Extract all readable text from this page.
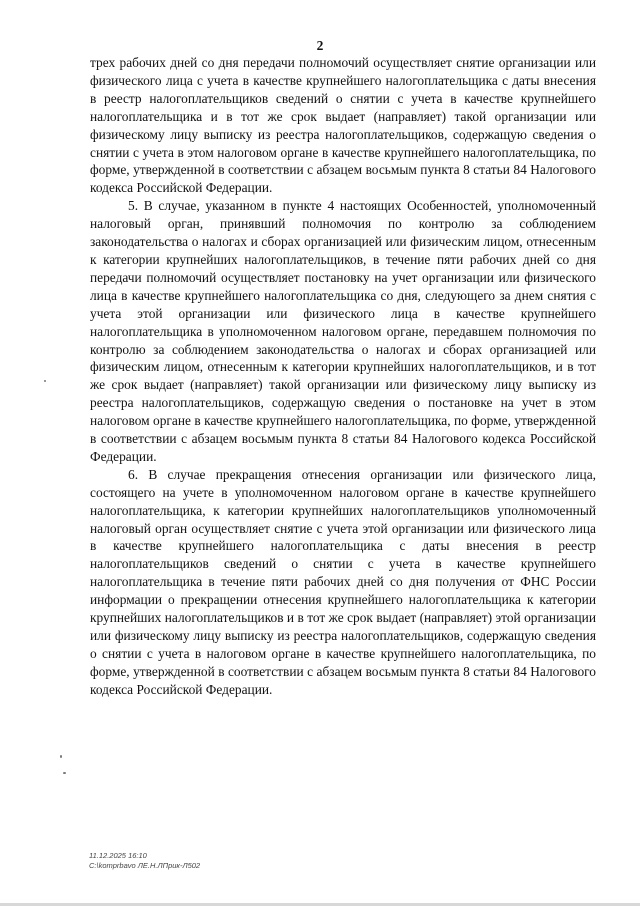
2

трех рабочих дней со дня передачи полномочий осуществляет снятие организации или физического лица с учета в качестве крупнейшего налогоплательщика с даты внесения в реестр налогоплательщиков сведений о снятии с учета в качестве крупнейшего налогоплательщика и в тот же срок выдает (направляет) такой организации или физическому лицу выписку из реестра налогоплательщиков, содержащую сведения о снятии с учета в этом налоговом органе в качестве крупнейшего налогоплательщика, по форме, утвержденной в соответствии с абзацем восьмым пункта 8 статьи 84 Налогового кодекса Российской Федерации.

5. В случае, указанном в пункте 4 настоящих Особенностей, уполномоченный налоговый орган, принявший полномочия по контролю за соблюдением законодательства о налогах и сборах организацией или физическим лицом, отнесенным к категории крупнейших налогоплательщиков, в течение пяти рабочих дней со дня передачи полномочий осуществляет постановку на учет организации или физического лица в качестве крупнейшего налогоплательщика со дня, следующего за днем снятия с учета этой организации или физического лица в качестве крупнейшего налогоплательщика в уполномоченном налоговом органе, передавшем полномочия по контролю за соблюдением законодательства о налогах и сборах организацией или физическим лицом, отнесенным к категории крупнейших налогоплательщиков, и в тот же срок выдает (направляет) такой организации или физическому лицу выписку из реестра налогоплательщиков, содержащую сведения о постановке на учет в этом налоговом органе в качестве крупнейшего налогоплательщика, по форме, утвержденной в соответствии с абзацем восьмым пункта 8 статьи 84 Налогового кодекса Российской Федерации.

6. В случае прекращения отнесения организации или физического лица, состоящего на учете в уполномоченном налоговом органе в качестве крупнейшего налогоплательщика, к категории крупнейших налогоплательщиков уполномоченный налоговый орган осуществляет снятие с учета этой организации или физического лица в качестве крупнейшего налогоплательщика с даты внесения в реестр налогоплательщиков сведений о снятии с учета в качестве крупнейшего налогоплательщика в течение пяти рабочих дней со дня получения от ФНС России информации о прекращении отнесения крупнейшего налогоплательщика к категории крупнейших налогоплательщиков и в тот же срок выдает (направляет) этой организации или физическому лицу выписку из реестра налогоплательщиков, содержащую сведения о снятии с учета в налоговом органе в качестве крупнейшего налогоплательщика, по форме, утвержденной в соответствии с абзацем восьмым пункта 8 статьи 84 Налогового кодекса Российской Федерации.

11.12.2025 16:10
C:\komprbavo ЛЕ.Н.ЛПрик-Л502
